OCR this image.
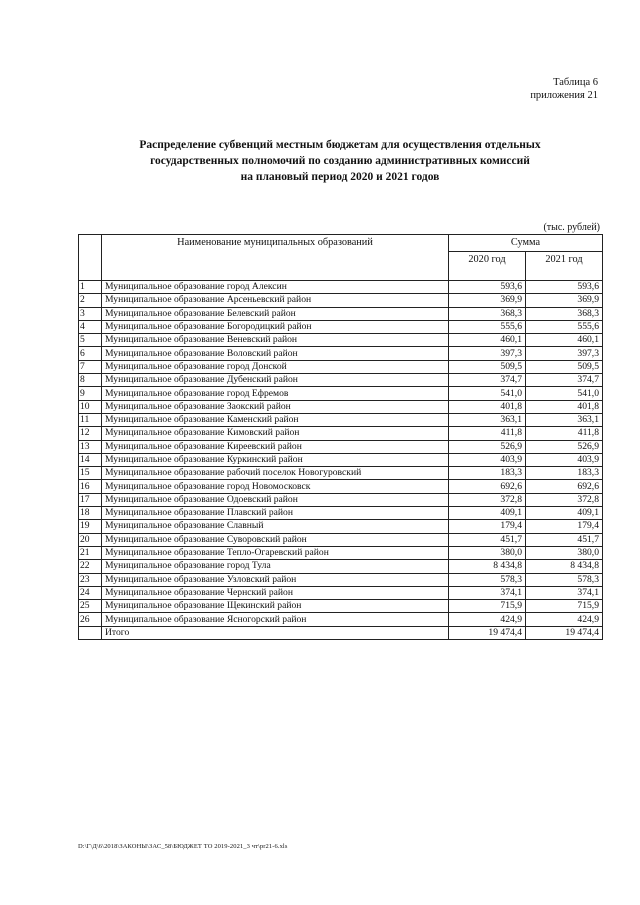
Таблица 6
приложения 21
Распределение субвенций местным бюджетам для осуществления отдельных
государственных полномочий по созданию административных комиссий
на плановый период 2020 и 2021 годов
(тыс. рублей)
	Наименование муниципальных образований	Сумма	
		2020 год	2021 год
1	Муниципальное образование город Алексин	593,6	593,6
2	Муниципальное образование Арсеньевский район	369,9	369,9
3	Муниципальное образование Белевский район	368,3	368,3
4	Муниципальное образование Богородицкий район	555,6	555,6
5	Муниципальное образование Веневский район	460,1	460,1
6	Муниципальное образование Воловский район	397,3	397,3
7	Муниципальное образование город Донской	509,5	509,5
8	Муниципальное образование Дубенский район	374,7	374,7
9	Муниципальное образование город Ефремов	541,0	541,0
10	Муниципальное образование Заокский район	401,8	401,8
11	Муниципальное образование Каменский район	363,1	363,1
12	Муниципальное образование Кимовский район	411,8	411,8
13	Муниципальное образование Киреевский район	526,9	526,9
14	Муниципальное образование Куркинский район	403,9	403,9
15	Муниципальное образование рабочий поселок Новогуровский	183,3	183,3
16	Муниципальное образование город Новомосковск	692,6	692,6
17	Муниципальное образование Одоевский район	372,8	372,8
18	Муниципальное образование Плавский район	409,1	409,1
19	Муниципальное образование Славный	179,4	179,4
20	Муниципальное образование Суворовский район	451,7	451,7
21	Муниципальное образование Тепло-Огаревский район	380,0	380,0
22	Муниципальное образование город Тула	8 434,8	8 434,8
23	Муниципальное образование Узловский район	578,3	578,3
24	Муниципальное образование Чернский район	374,1	374,1
25	Муниципальное образование Щекинский район	715,9	715,9
26	Муниципальное образование Ясногорский район	424,9	424,9
	Итого	19 474,4	19 474,4
D:\Г\Д\6\2018\ЗАКОНЫ\ЗАС_58\БЮДЖЕТ ТО 2019-2021_3 чт\pr21-6.xls
